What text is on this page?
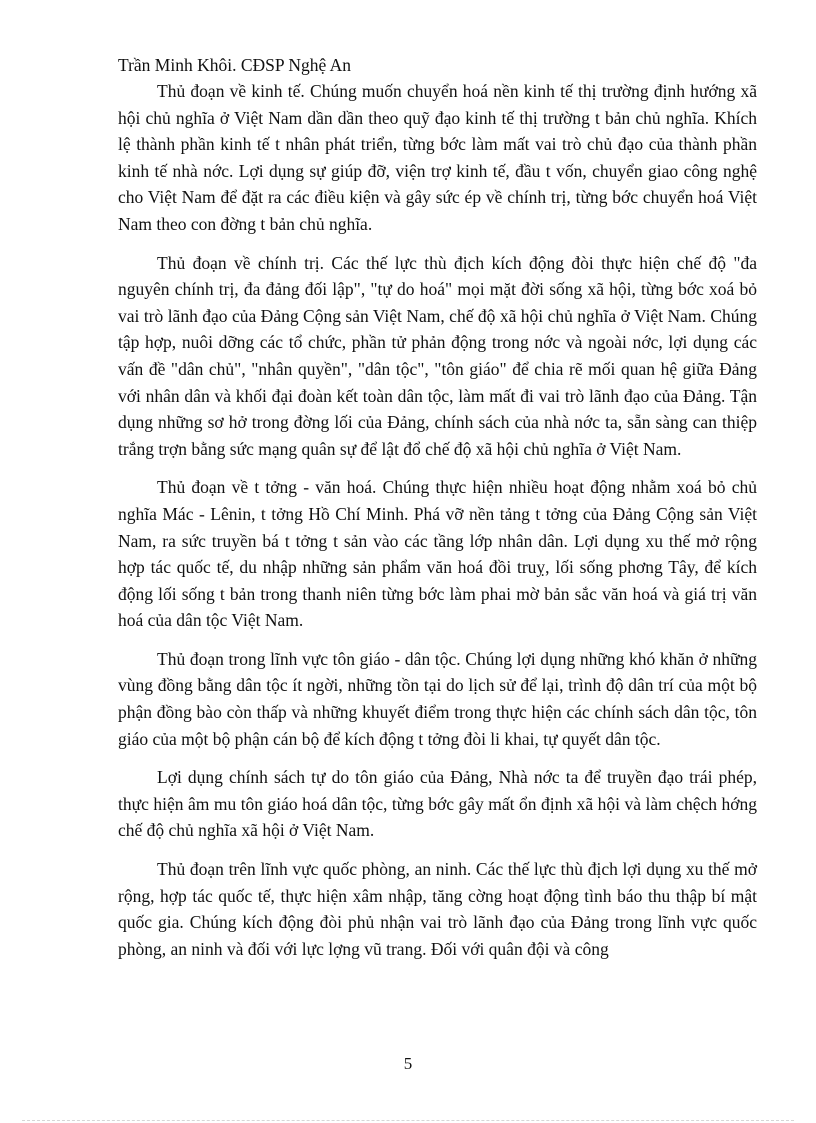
Trần Minh Khôi. CĐSP Nghệ An

Thủ đoạn về kinh tế. Chúng muốn chuyển hoá nền kinh tế thị trường định hướng xã hội chủ nghĩa ở Việt Nam dần dần theo quỹ đạo kinh tế thị trường t bản chủ nghĩa. Khích lệ thành phần kinh tế t nhân phát triển, từng bớc làm mất vai trò chủ đạo của thành phần kinh tế nhà nớc. Lợi dụng sự giúp đỡ, viện trợ kinh tế, đầu t vốn, chuyển giao công nghệ cho Việt Nam để đặt ra các điều kiện và gây sức ép về chính trị, từng bớc chuyển hoá Việt Nam theo con đờng t bản chủ nghĩa.

Thủ đoạn về chính trị. Các thế lực thù địch kích động đòi thực hiện chế độ "đa nguyên chính trị, đa đảng đối lập", "tự do hoá" mọi mặt đời sống xã hội, từng bớc xoá bỏ vai trò lãnh đạo của Đảng Cộng sản Việt Nam, chế độ xã hội chủ nghĩa ở Việt Nam. Chúng tập hợp, nuôi dỡng các tổ chức, phần tử phản động trong nớc và ngoài nớc, lợi dụng các vấn đề "dân chủ", "nhân quyền", "dân tộc", "tôn giáo" để chia rẽ mối quan hệ giữa Đảng với nhân dân và khối đại đoàn kết toàn dân tộc, làm mất đi vai trò lãnh đạo của Đảng. Tận dụng những sơ hở trong đờng lối của Đảng, chính sách của nhà nớc ta, sẵn sàng can thiệp trắng trợn bằng sức mạng quân sự để lật đổ chế độ xã hội chủ nghĩa ở Việt Nam.

Thủ đoạn về t tởng - văn hoá. Chúng thực hiện nhiều hoạt động nhằm xoá bỏ chủ nghĩa Mác - Lênin, t tởng Hồ Chí Minh. Phá vỡ nền tảng t tởng của Đảng Cộng sản Việt Nam, ra sức truyền bá t tởng t sản vào các tầng lớp nhân dân. Lợi dụng xu thế mở rộng hợp tác quốc tế, du nhập những sản phẩm văn hoá đồi truỵ, lối sống phơng Tây, để kích động lối sống t bản trong thanh niên từng bớc làm phai mờ bản sắc văn hoá và giá trị văn hoá của dân tộc Việt Nam.

Thủ đoạn trong lĩnh vực tôn giáo - dân tộc. Chúng lợi dụng những khó khăn ở những vùng đồng bằng dân tộc ít ngời, những tồn tại do lịch sử để lại, trình độ dân trí của một bộ phận đồng bào còn thấp và những khuyết điểm trong thực hiện các chính sách dân tộc, tôn giáo của một bộ phận cán bộ để kích động t tởng đòi li khai, tự quyết dân tộc.

Lợi dụng chính sách tự do tôn giáo của Đảng, Nhà nớc ta để truyền đạo trái phép, thực hiện âm mu tôn giáo hoá dân tộc, từng bớc gây mất ổn định xã hội và làm chệch hớng chế độ chủ nghĩa xã hội ở Việt Nam.

Thủ đoạn trên lĩnh vực quốc phòng, an ninh. Các thế lực thù địch lợi dụng xu thế mở rộng, hợp tác quốc tế, thực hiện xâm nhập, tăng cờng hoạt động tình báo thu thập bí mật quốc gia. Chúng kích động đòi phủ nhận vai trò lãnh đạo của Đảng trong lĩnh vực quốc phòng, an ninh và đối với lực lợng vũ trang. Đối với quân đội và công

5
